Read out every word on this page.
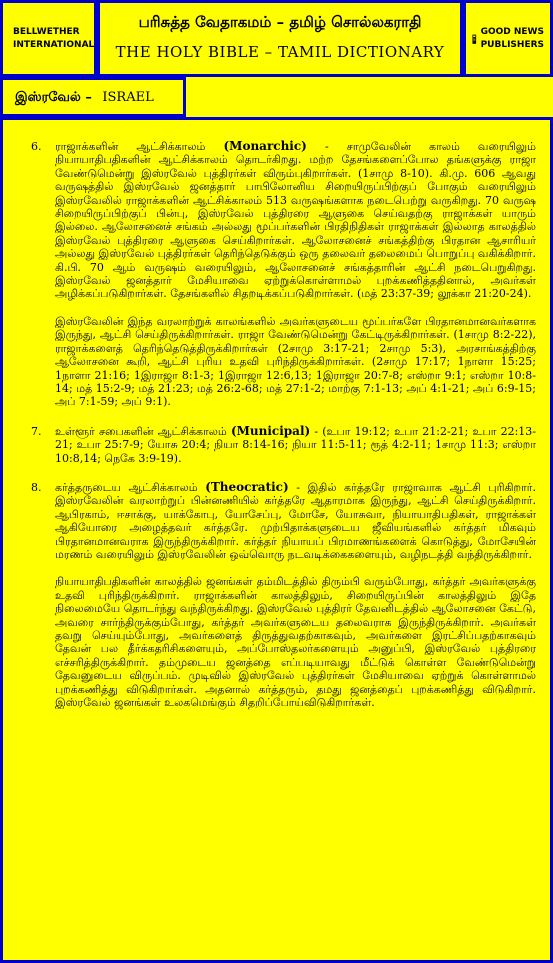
BELLWETHER
INTERNATIONAL
பரிசுத்த வேதாகமம் – தமிழ் சொல்லகராதி
THE HOLY BIBLE – TAMIL DICTIONARY
GOOD NEWS
PUBLISHERS
இஸ்ரவேல் – ISRAEL
6. ராஜாக்களின் ஆட்சிக்காலம் (Monarchic) - சாமுவேலின் காலம் வரையிலும் நியாயாதிபதிகளின் ஆட்சிக்காலம் தொடர்கிறது. மற்ற தேசங்களைப்போல தங்களுக்கு ராஜா வேண்டுமென்று இஸ்ரவேல் புத்திரர்கள் விரும்புகிறார்கள். (1சாமு 8-10). கி.மு. 606 ஆவது வருஷத்தில் இஸ்ரவேல் ஜனத்தார் பாபிலோனிய சிறையிருப்பிற்குப் போகும் வரையிலும் இஸ்ரவேலில் ராஜாக்களின் ஆட்சிக்காலம் 513 வருஷங்களாக நடைபெற்று வருகிறது. 70 வருஷ சிறையிருப்பிற்குப் பின்பு, இஸ்ரவேல் புத்திரரை ஆளுகை செய்வதற்கு ராஜாக்கள் யாரும் இல்லை. ஆலோசனைச் சங்கம் அல்லது மூப்பர்களின் பிரதிநிதிகள் ராஜாக்கள் இல்லாத காலத்தில் இஸ்ரவேல் புத்திரரை ஆளுகை செய்கிறார்கள். ஆலோசனைச் சங்கத்திற்கு பிரதான ஆசாரியர் அல்லது இஸ்ரவேல் புத்திரர்கள் தெரிந்தெடுக்கும் ஒரு தலைவர் தலைமைப் பொறுப்பு வகிக்கிறார். கி.பி. 70 ஆம் வருஷம் வரையிலும், ஆலோசனைச் சங்கத்தாரின் ஆட்சி நடைபெறுகிறது. இஸ்ரவேல் ஜனத்தார் மேசியாவை ஏற்றுக்கொள்ளாமல் புறக்கணித்ததினால், அவர்கள் அழிக்கப்படுகிறார்கள். தேசங்களில் சிதறடிக்கப்படுகிறார்கள். (மத் 23:37-39; லூக்கா 21:20-24).

இஸ்ரவேலின் இந்த வரலாற்றுக் காலங்களில் அவர்களுடைய மூப்பர்களே பிரதானமானவர்களாக இருந்து, ஆட்சி செய்திருக்கிறார்கள். ராஜா வேண்டுமென்று கேட்டிருக்கிறார்கள். (1சாமு 8:2-22), ராஜாக்களைத் தெரிந்தெடுத்திருக்கிறார்கள் (2சாமு 3:17-21; 2சாமு 5:3), அரசாங்கத்திற்கு ஆலோசனை கூறி, ஆட்சி புரிய உதவி புரிந்திருக்கிறார்கள். (2சாமு 17:17; 1நாளா 15:25; 1நாளா 21:16; 1இராஜா 8:1-3; 1இராஜா 12:6,13; 1இராஜா 20:7-8; எஸ்றா 9:1; எஸ்றா 10:8-14; மத் 15:2-9; மத் 21:23; மத் 26:2-68; மத் 27:1-2; மாற்கு 7:1-13; அப் 4:1-21; அப் 6:9-15; அப் 7:1-59; அப் 9:1).

7. உள்ளூர் சபைகளின் ஆட்சிக்காலம் (Municipal) - (உபா 19:12; உபா 21:2-21; உபா 22:13-21; உபா 25:7-9; யோசு 20:4; நியா 8:14-16; நியா 11:5-11; ரூத் 4:2-11; 1சாமு 11:3; எஸ்றா 10:8,14; நெகே 3:9-19).

8. கர்த்தருடைய ஆட்சிக்காலம் (Theocratic) - இதில் கர்த்தரே ராஜாவாக ஆட்சி புரிகிறார். இஸ்ரவேலின் வரலாற்றுப் பின்னணியில் கர்த்தரே ஆதாரமாக இருந்து, ஆட்சி செய்திருக்கிறார். ஆபிரகாம், ஈசாக்கு, யாக்கோபு, யோசேப்பு, மோசே, யோசுவா, நியாயாதிபதிகள், ராஜாக்கள் ஆகியோரை அழைத்தவர் கர்த்தரே. முற்பிதாக்களுடைய ஜீவியங்களில் கர்த்தர் மிகவும் பிரதானமானவராக இருந்திருக்கிறார். கர்த்தர் நியாயப் பிரமாணங்களைக் கொடுத்து, மோசேயின் மரணம் வரையிலும் இஸ்ரவேலின் ஒவ்வொரு நடவடிக்கைகளையும், வழிநடத்தி வந்திருக்கிறார்.

நியாயாதிபதிகளின் காலத்தில் ஜனங்கள் தம்மிடத்தில் திரும்பி வரும்போது, கர்த்தர் அவர்களுக்கு உதவி புரிந்திருக்கிறார். ராஜாக்களின் காலத்திலும், சிறையிருப்பின் காலத்திலும் இதே நிலைமையே தொடர்ந்து வந்திருக்கிறது. இஸ்ரவேல் புத்திரர் தேவனிடத்தில் ஆலோசனை கேட்டு, அவரை சார்ந்திருக்கும்போது, கர்த்தர் அவர்களுடைய தலைவராக இருந்திருக்கிறார். அவர்கள் தவறு செய்யும்போது, அவர்களைத் திருத்துவதற்காகவும், அவர்களை இரட்சிப்பதற்காகவும் தேவன் பல தீர்க்கதரிசிகளையும், அப்போஸ்தலர்களையும் அனுப்பி, இஸ்ரவேல் புத்திரரை எச்சரித்திருக்கிறார். தம்முடைய ஜனத்தை எப்படியாவது மீட்டுக் கொள்ள வேண்டுமென்று தேவனுடைய விருப்பம். முடிவில் இஸ்ரவேல் புத்திரர்கள் மேசியாவை ஏற்றுக் கொள்ளாமல் புறக்கணித்து விடுகிறார்கள். அதனால் கர்த்தரும், தமது ஜனத்தைப் புறக்கணித்து விடுகிறார். இஸ்ரவேல் ஜனங்கள் உலகமெங்கும் சிதறிப்போய்விடுகிறார்கள்.
